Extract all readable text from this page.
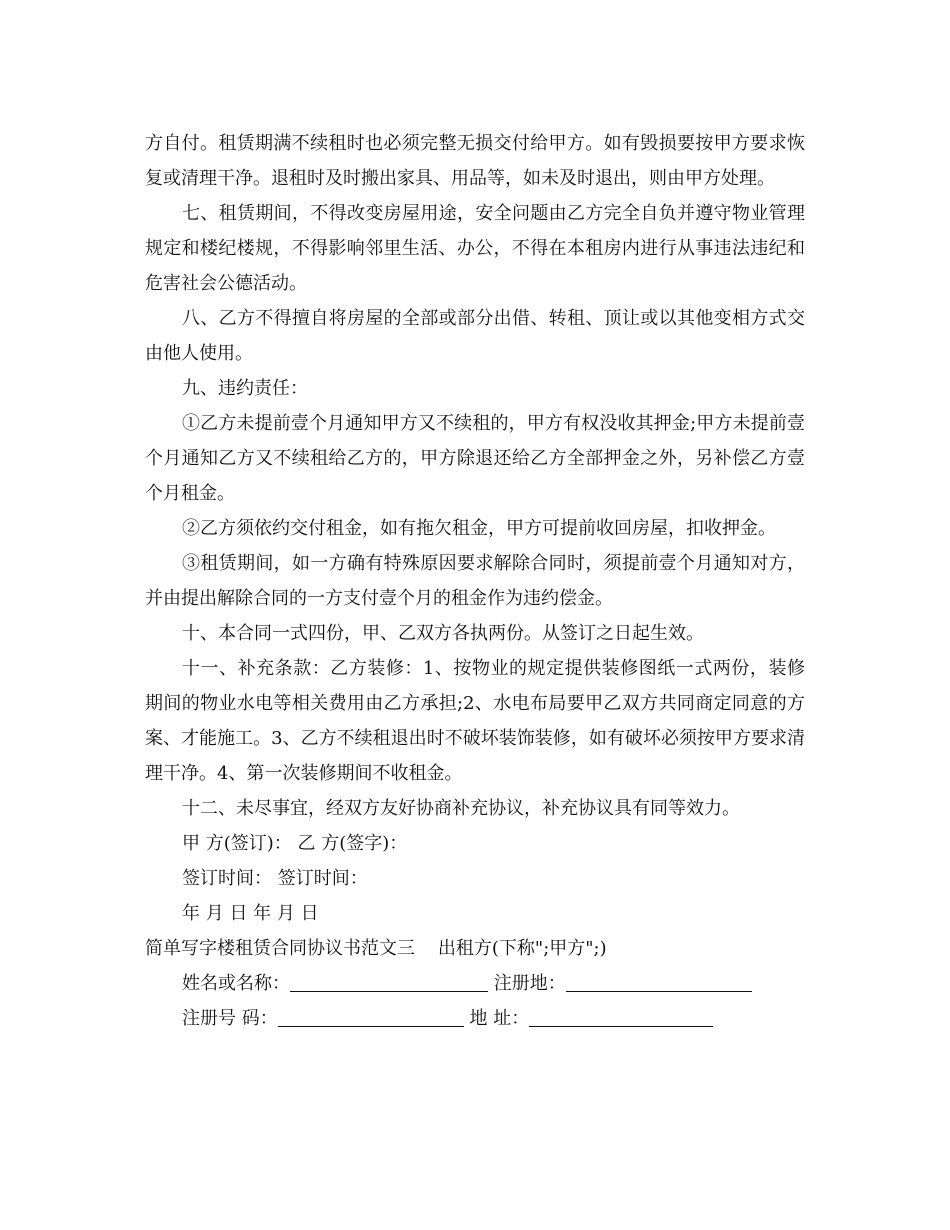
方自付。租赁期满不续租时也必须完整无损交付给甲方。如有毁损要按甲方要求恢复或清理干净。退租时及时搬出家具、用品等，如未及时退出，则由甲方处理。

七、租赁期间，不得改变房屋用途，安全问题由乙方完全自负并遵守物业管理规定和楼纪楼规，不得影响邻里生活、办公，不得在本租房内进行从事违法违纪和危害社会公德活动。

八、乙方不得擅自将房屋的全部或部分出借、转租、顶让或以其他变相方式交由他人使用。

九、违约责任：

①乙方未提前壹个月通知甲方又不续租的，甲方有权没收其押金;甲方未提前壹个月通知乙方又不续租给乙方的，甲方除退还给乙方全部押金之外，另补偿乙方壹个月租金。

②乙方须依约交付租金，如有拖欠租金，甲方可提前收回房屋，扣收押金。

③租赁期间，如一方确有特殊原因要求解除合同时，须提前壹个月通知对方，并由提出解除合同的一方支付壹个月的租金作为违约偿金。

十、本合同一式四份，甲、乙双方各执两份。从签订之日起生效。

十一、补充条款：乙方装修：1、按物业的规定提供装修图纸一式两份，装修期间的物业水电等相关费用由乙方承担;2、水电布局要甲乙双方共同商定同意的方案、才能施工。3、乙方不续租退出时不破坏装饰装修，如有破坏必须按甲方要求清理干净。4、第一次装修期间不收租金。

十二、未尽事宜，经双方友好协商补充协议，补充协议具有同等效力。

甲 方(签订)： 乙 方(签字)：

签订时间： 签订时间：

年 月 日 年 月 日

简单写字楼租赁合同协议书范文三 出租方(下称";甲方";)

姓名或名称：	注册地：

注册号 码：	地 址：
